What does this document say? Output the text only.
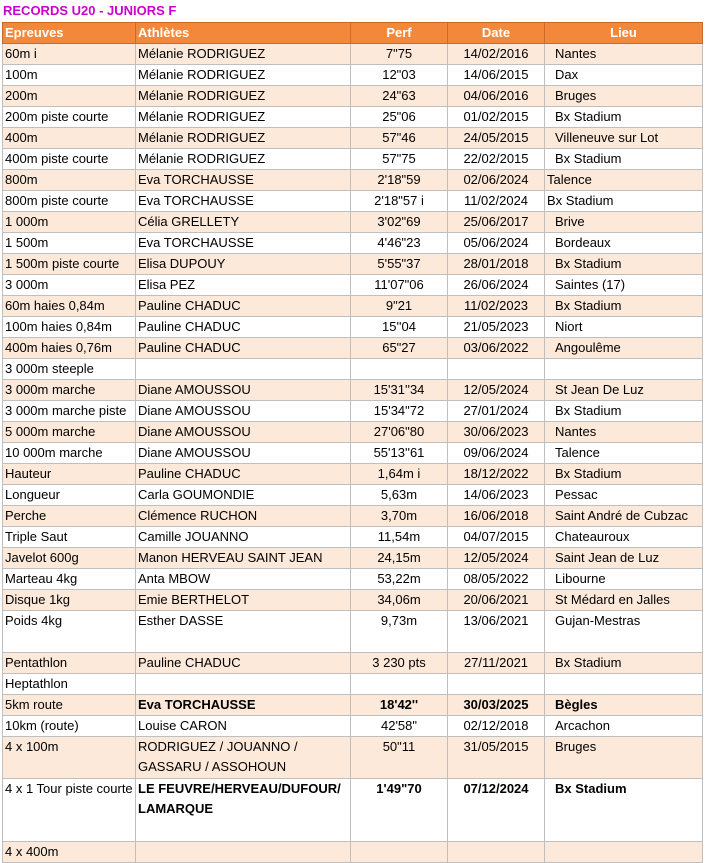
RECORDS U20 - JUNIORS F
Epreuves	Athlètes	Perf	Date	Lieu
60m i	Mélanie RODRIGUEZ	7"75	14/02/2016	Nantes
100m	Mélanie RODRIGUEZ	12"03	14/06/2015	Dax
200m	Mélanie RODRIGUEZ	24"63	04/06/2016	Bruges
200m piste courte	Mélanie RODRIGUEZ	25"06	01/02/2015	Bx Stadium
400m	Mélanie RODRIGUEZ	57"46	24/05/2015	Villeneuve sur Lot
400m piste courte	Mélanie RODRIGUEZ	57"75	22/02/2015	Bx Stadium
800m	Eva TORCHAUSSE	2'18"59	02/06/2024	Talence
800m piste courte	Eva TORCHAUSSE	2'18"57 i	11/02/2024	Bx Stadium
1 000m	Célia GRELLETY	3'02"69	25/06/2017	Brive
1 500m	Eva TORCHAUSSE	4'46"23	05/06/2024	Bordeaux
1 500m piste courte	Elisa DUPOUY	5'55"37	28/01/2018	Bx Stadium
3 000m	Elisa PEZ	11'07"06	26/06/2024	Saintes (17)
60m haies 0,84m	Pauline CHADUC	9"21	11/02/2023	Bx Stadium
100m haies 0,84m	Pauline CHADUC	15''04	21/05/2023	Niort
400m haies 0,76m	Pauline CHADUC	65"27	03/06/2022	Angoulême
3 000m steeple				
3 000m marche	Diane AMOUSSOU	15'31''34	12/05/2024	St Jean De Luz
3 000m marche piste	Diane AMOUSSOU	15'34"72	27/01/2024	Bx Stadium
5 000m marche	Diane AMOUSSOU	27'06"80	30/06/2023	Nantes
10 000m marche	Diane AMOUSSOU	55'13''61	09/06/2024	Talence
Hauteur	Pauline CHADUC	1,64m i	18/12/2022	Bx Stadium
Longueur	Carla GOUMONDIE	5,63m	14/06/2023	Pessac
Perche	Clémence RUCHON	3,70m	16/06/2018	Saint André de Cubzac
Triple Saut	Camille JOUANNO	11,54m	04/07/2015	Chateauroux
Javelot 600g	Manon HERVEAU SAINT JEAN	24,15m	12/05/2024	Saint Jean de Luz
Marteau 4kg	Anta MBOW	53,22m	08/05/2022	Libourne
Disque 1kg	Emie BERTHELOT	34,06m	20/06/2021	St Médard en Jalles
Poids 4kg	Esther DASSE	9,73m	13/06/2021	Gujan-Mestras
Pentathlon	Pauline CHADUC	3 230 pts	27/11/2021	Bx Stadium
Heptathlon				
5km route	Eva TORCHAUSSE	18'42''	30/03/2025	Bègles
10km (route)	Louise CARON	42'58"	02/12/2018	Arcachon
4 x 100m	RODRIGUEZ / JOUANNO / GASSARU / ASSOHOUN	50"11	31/05/2015	Bruges
4 x 1 Tour piste courte	LE FEUVRE/HERVEAU/DUFOUR/ LAMARQUE	1'49"70	07/12/2024	Bx Stadium
4 x 400m				
